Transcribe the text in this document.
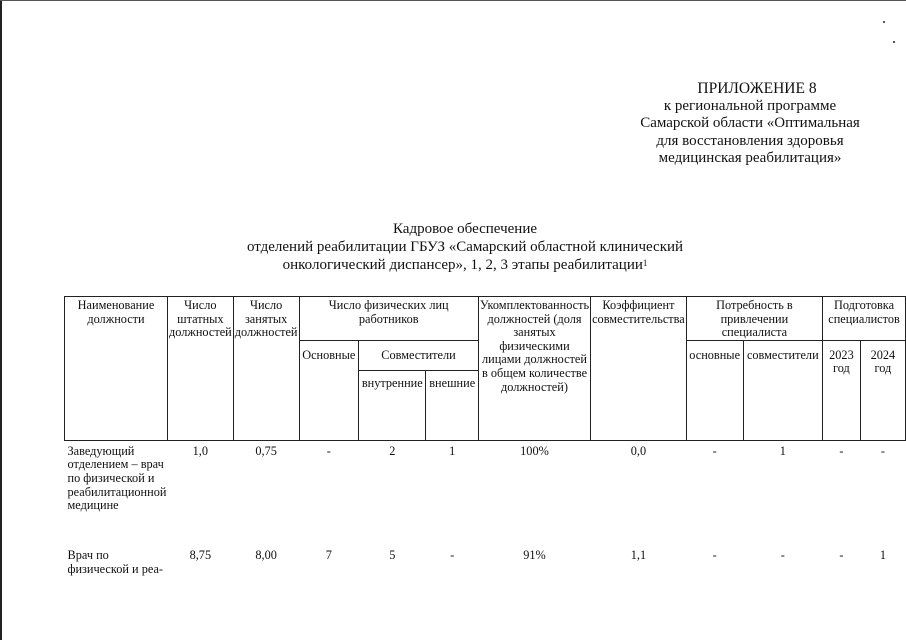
ПРИЛОЖЕНИЕ 8
к региональной программе
Самарской области «Оптимальная
для восстановления здоровья
медицинская реабилитация»
Кадровое обеспечение
отделений реабилитации ГБУЗ «Самарский областной клинический
онкологический диспансер», 1, 2, 3 этапы реабилитации$^1$
Наименование должности	Число штатных должностей	Число занятых должностей	Число физических лиц работников			Укомплектованность должностей (доля занятых физическими лицами должностей в общем количестве должностей)	Коэффициент совместительства	Потребность в привлечении специалиста		Подготовка специалистов	
			Основные	Совместители				основные	совместители	2023 год	2024 год
				внутренние	внешние						
Заведующий отделением – врач по физической и реабилитационной медицине	1,0	0,75	-	2	1	100%	0,0	-	1	-	-
Врач по физической и реа-	8,75	8,00	7	5	-	91%	1,1	-	-	-	1
